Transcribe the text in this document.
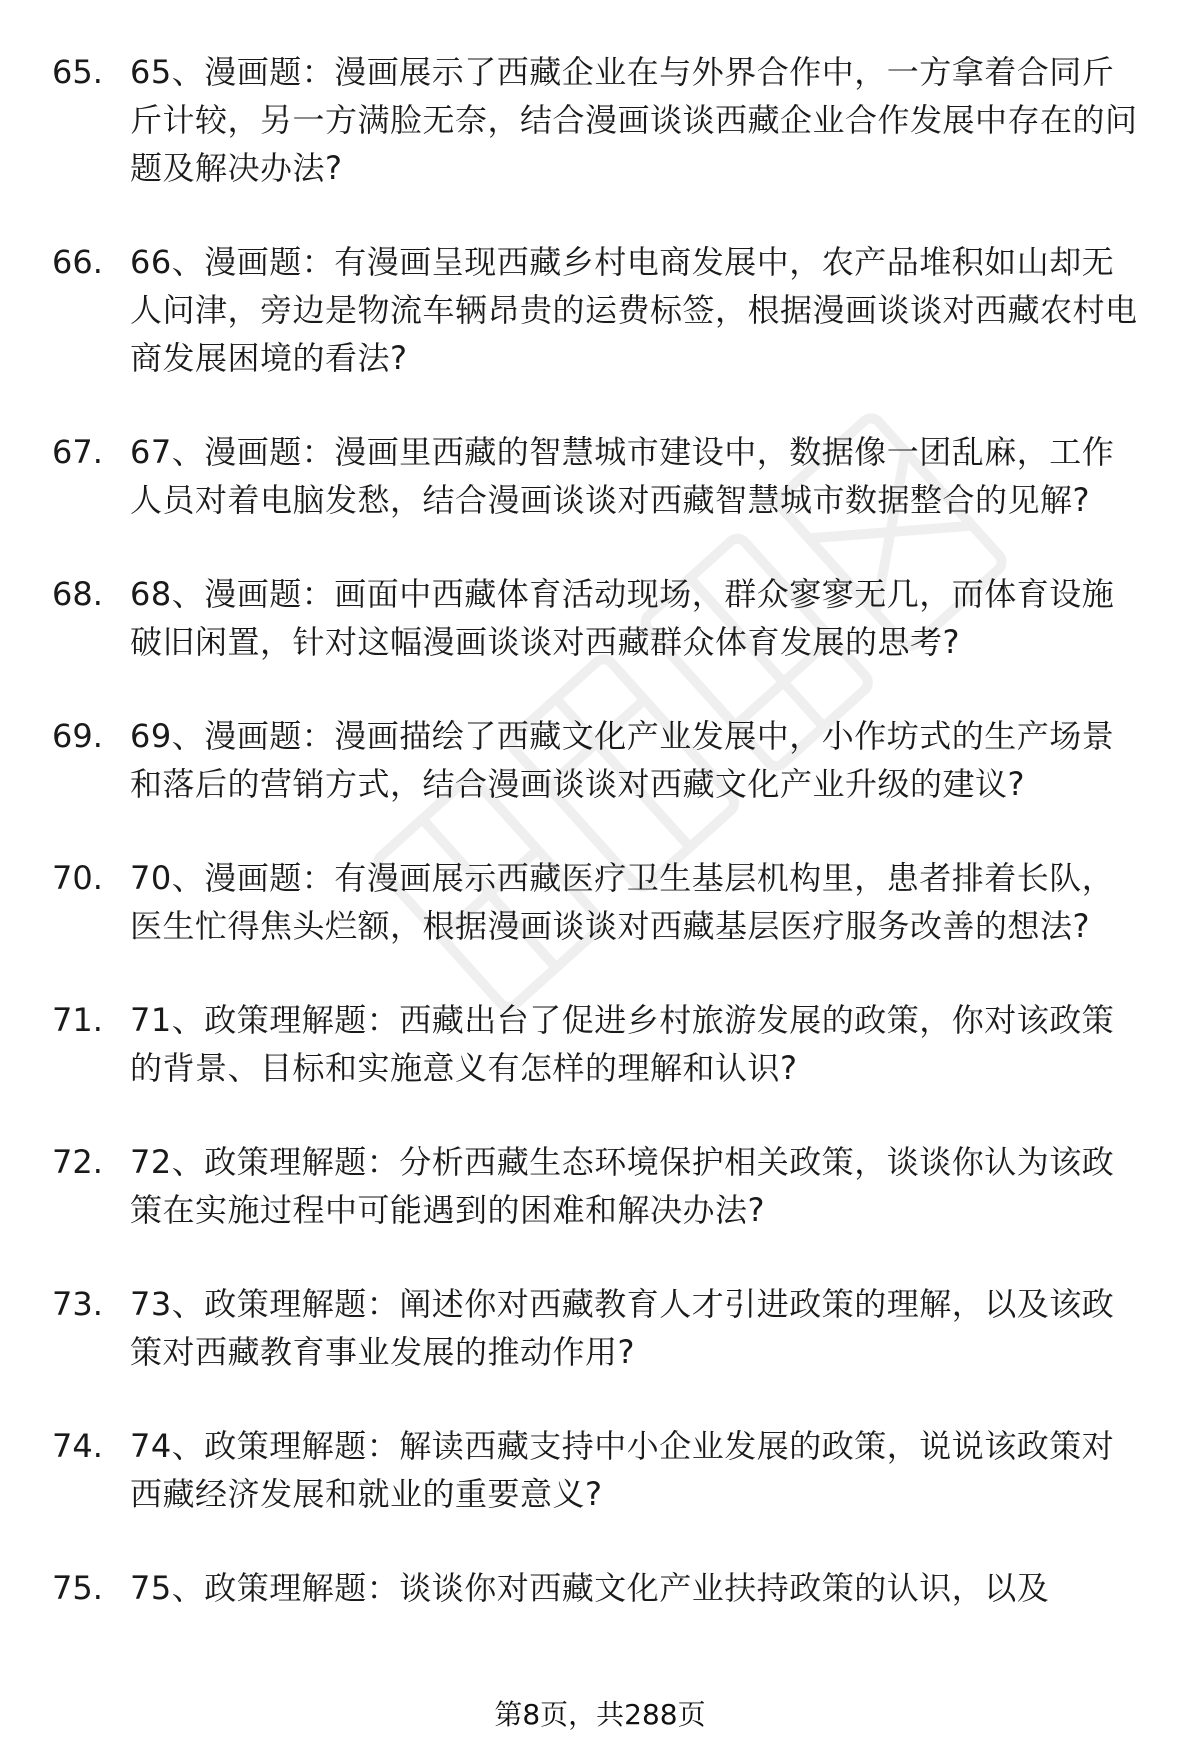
65. 65、漫画题：漫画展示了西藏企业在与外界合作中，一方拿着合同斤斤计较，另一方满脸无奈，结合漫画谈谈西藏企业合作发展中存在的问题及解决办法?
66. 66、漫画题：有漫画呈现西藏乡村电商发展中，农产品堆积如山却无人问津，旁边是物流车辆昂贵的运费标签，根据漫画谈谈对西藏农村电商发展困境的看法?
67. 67、漫画题：漫画里西藏的智慧城市建设中，数据像一团乱麻，工作人员对着电脑发愁，结合漫画谈谈对西藏智慧城市数据整合的见解?
68. 68、漫画题：画面中西藏体育活动现场，群众寥寥无几，而体育设施破旧闲置，针对这幅漫画谈谈对西藏群众体育发展的思考?
69. 69、漫画题：漫画描绘了西藏文化产业发展中，小作坊式的生产场景和落后的营销方式，结合漫画谈谈对西藏文化产业升级的建议?
70. 70、漫画题：有漫画展示西藏医疗卫生基层机构里，患者排着长队，医生忙得焦头烂额，根据漫画谈谈对西藏基层医疗服务改善的想法?
71. 71、政策理解题：西藏出台了促进乡村旅游发展的政策，你对该政策的背景、目标和实施意义有怎样的理解和认识?
72. 72、政策理解题：分析西藏生态环境保护相关政策，谈谈你认为该政策在实施过程中可能遇到的困难和解决办法?
73. 73、政策理解题：阐述你对西藏教育人才引进政策的理解，以及该政策对西藏教育事业发展的推动作用?
74. 74、政策理解题：解读西藏支持中小企业发展的政策，说说该政策对西藏经济发展和就业的重要意义?
75. 75、政策理解题：谈谈你对西藏文化产业扶持政策的认识，以及
第8页，共288页
